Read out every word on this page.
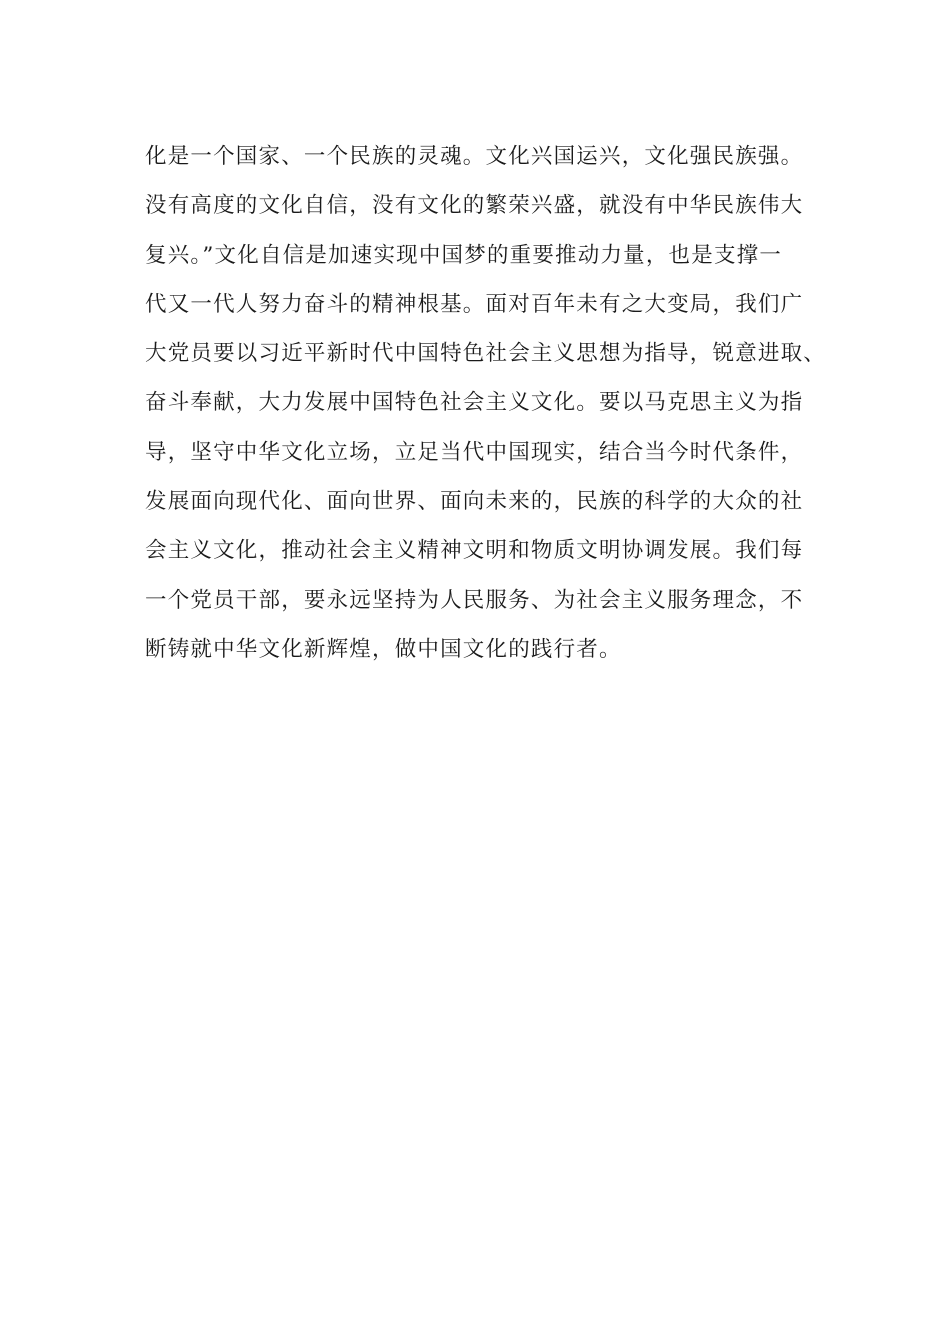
化是一个国家、一个民族的灵魂。文化兴国运兴，文化强民族强。
没有高度的文化自信，没有文化的繁荣兴盛，就没有中华民族伟大
复兴。”文化自信是加速实现中国梦的重要推动力量，也是支撑一
代又一代人努力奋斗的精神根基。面对百年未有之大变局，我们广
大党员要以习近平新时代中国特色社会主义思想为指导，锐意进取、
奋斗奉献，大力发展中国特色社会主义文化。要以马克思主义为指
导，坚守中华文化立场，立足当代中国现实，结合当今时代条件，
发展面向现代化、面向世界、面向未来的，民族的科学的大众的社
会主义文化，推动社会主义精神文明和物质文明协调发展。我们每
一个党员干部，要永远坚持为人民服务、为社会主义服务理念，不
断铸就中华文化新辉煌，做中国文化的践行者。
